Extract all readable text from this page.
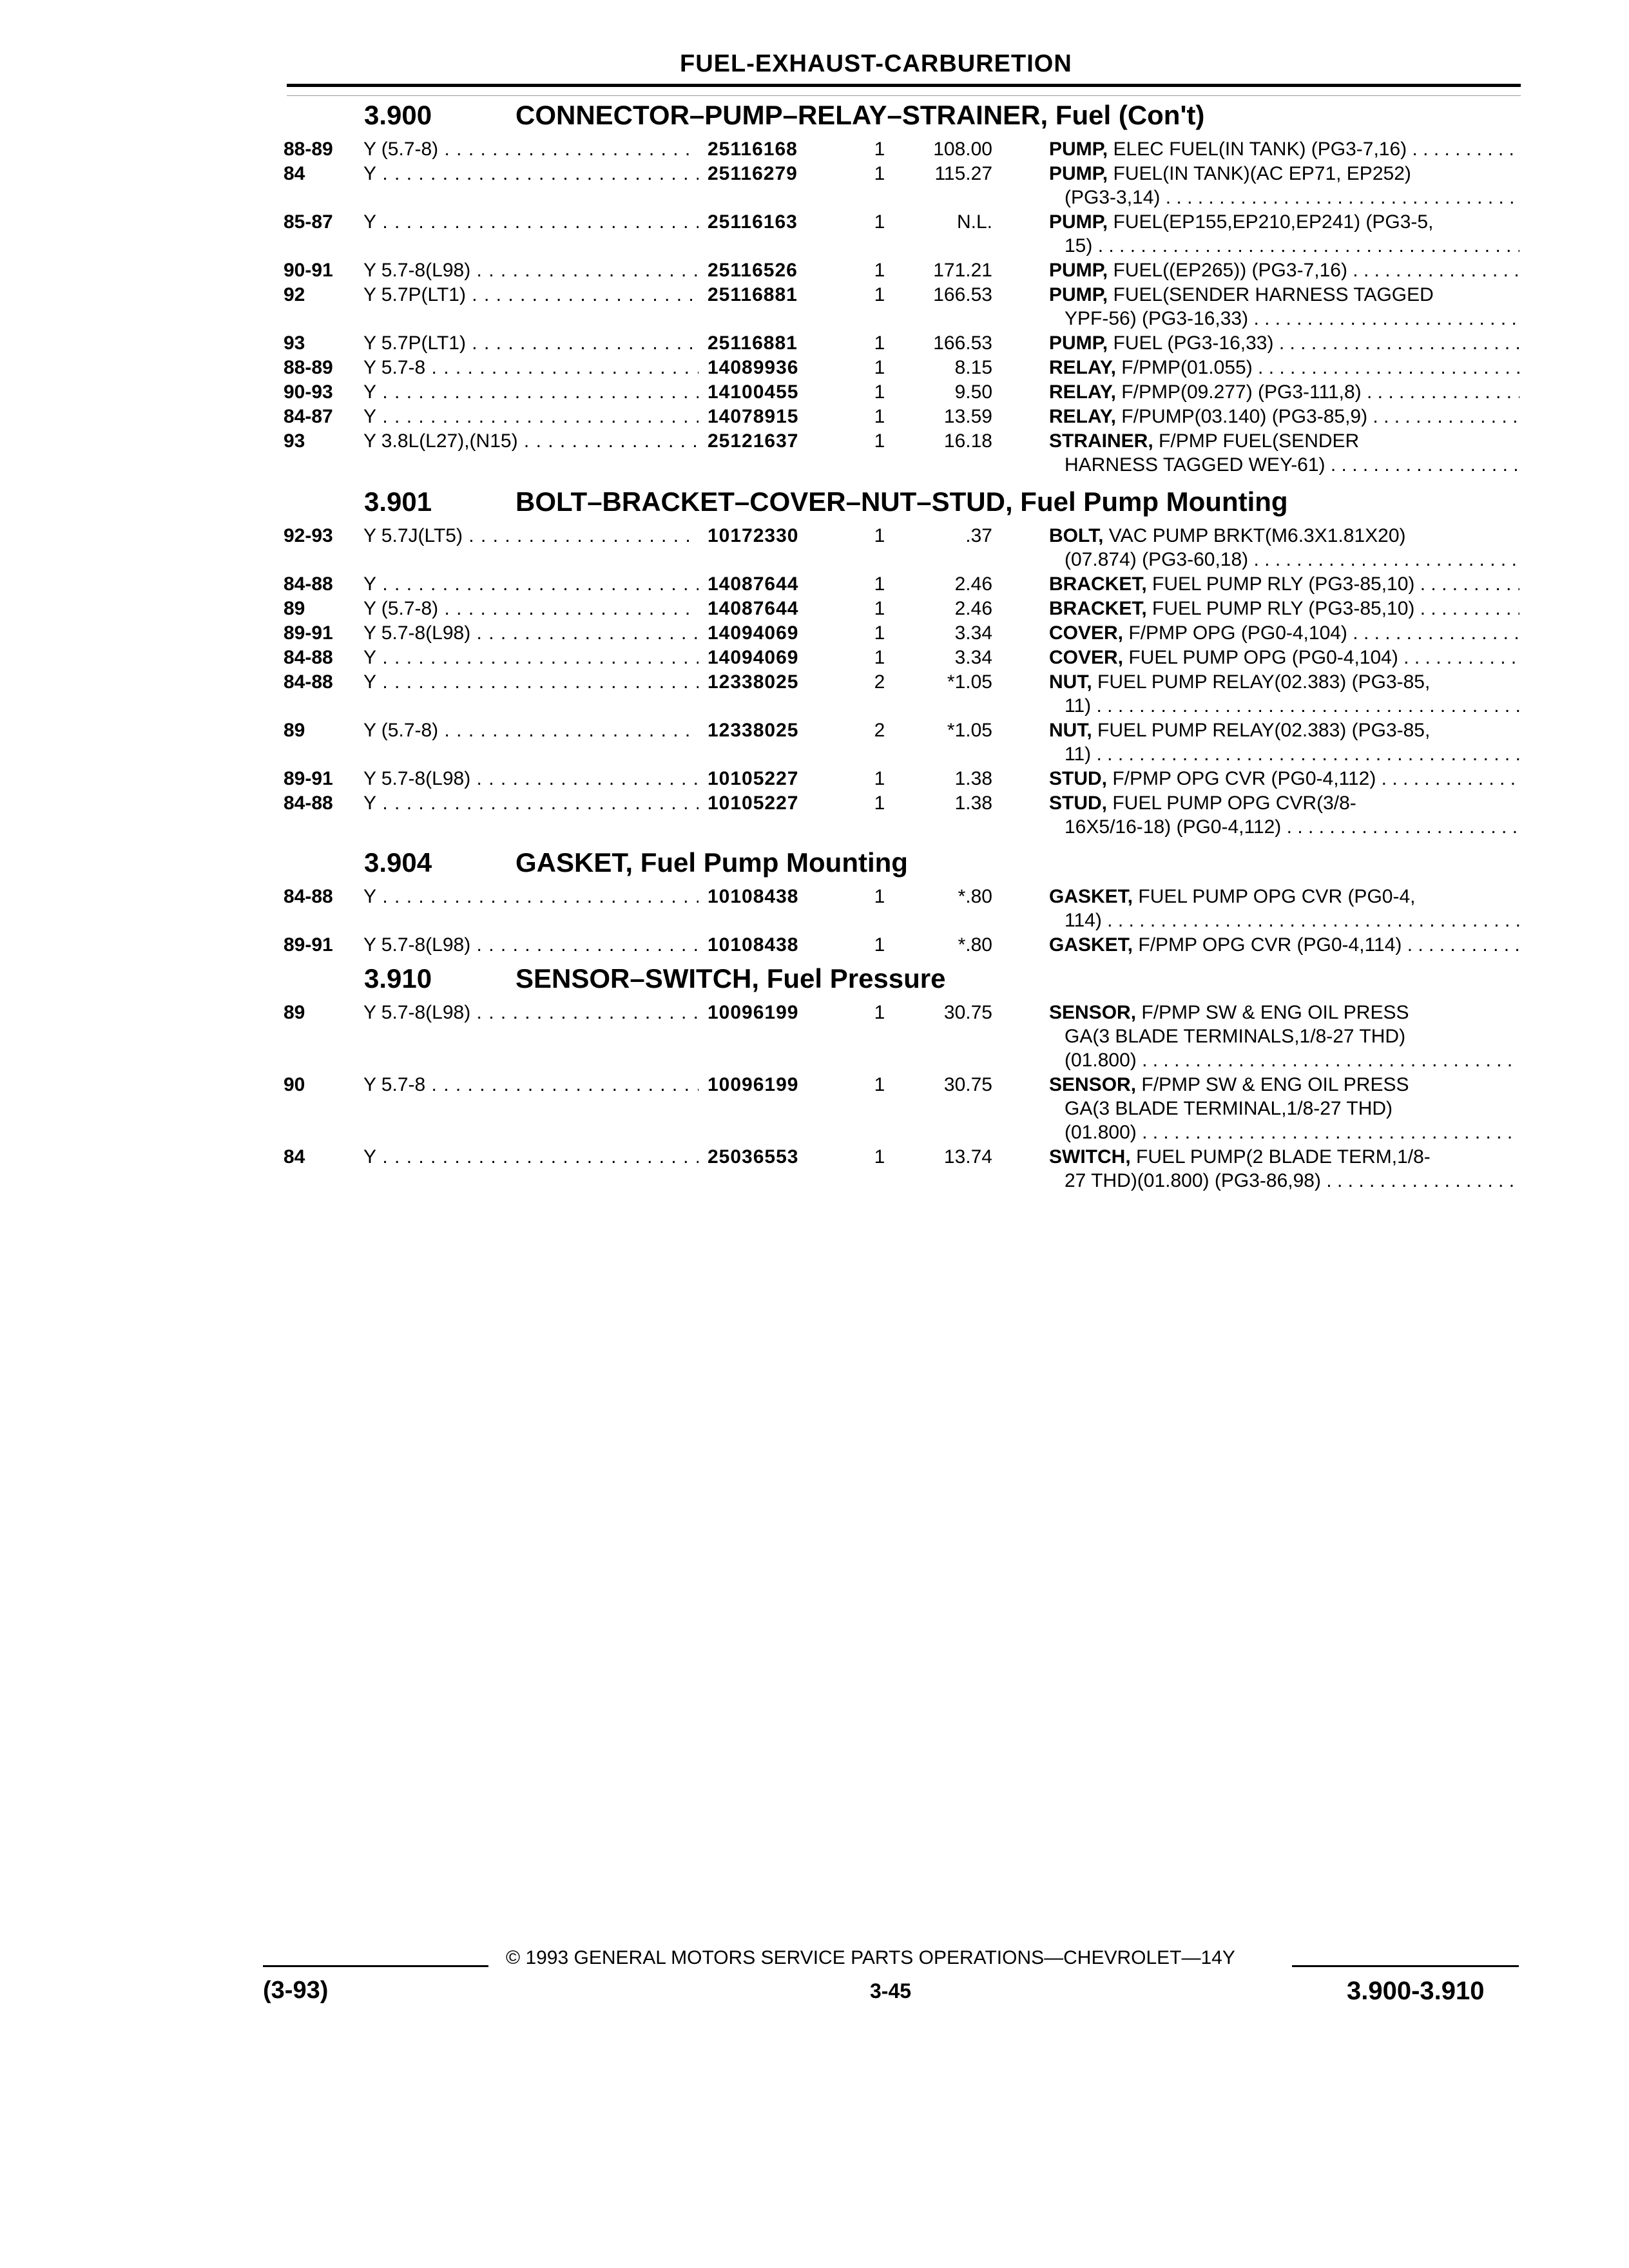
FUEL-EXHAUST-CARBURETION
3.900	CONNECTOR–PUMP–RELAY–STRAINER, Fuel (Con't)
88-89 Y (5.7-8) . . .	25116168	1	108.00	PUMP, ELEC FUEL(IN TANK) (PG3-7,16) . . .
84	Y . . .	25116279	1	115.27	PUMP, FUEL(IN TANK)(AC EP71, EP252)
(PG3-3,14) . . .
85-87 Y . . .	25116163	1	N.L.	PUMP, FUEL(EP155,EP210,EP241) (PG3-5,
15) . . .
90-91 Y 5.7-8(L98) . . .	25116526	1	171.21	PUMP, FUEL((EP265)) (PG3-7,16) . . .
92	Y 5.7P(LT1) . . .	25116881	1	166.53	PUMP, FUEL(SENDER HARNESS TAGGED
YPF-56) (PG3-16,33) . . .
93	Y 5.7P(LT1) . . .	25116881	1	166.53	PUMP, FUEL (PG3-16,33) . . .
88-89 Y 5.7-8 . . .	14089936	1	8.15	RELAY, F/PMP(01.055) . . .
90-93 Y . . .	14100455	1	9.50	RELAY, F/PMP(09.277) (PG3-111,8) . . .
84-87 Y . . .	14078915	1	13.59	RELAY, F/PUMP(03.140) (PG3-85,9) . . .
93	Y 3.8L(L27),(N15) . . .	25121637	1	16.18	STRAINER, F/PMP FUEL(SENDER
HARNESS TAGGED WEY-61) . . .
3.901	BOLT–BRACKET–COVER–NUT–STUD, Fuel Pump Mounting
92-93 Y 5.7J(LT5) . . .	10172330	1	.37	BOLT, VAC PUMP BRKT(M6.3X1.81X20)
(07.874) (PG3-60,18) . . .
84-88 Y . . .	14087644	1	2.46	BRACKET, FUEL PUMP RLY (PG3-85,10) . . .
89	Y (5.7-8) . . .	14087644	1	2.46	BRACKET, FUEL PUMP RLY (PG3-85,10) . . .
89-91 Y 5.7-8(L98) . . .	14094069	1	3.34	COVER, F/PMP OPG (PG0-4,104) . . .
84-88 Y . . .	14094069	1	3.34	COVER, FUEL PUMP OPG (PG0-4,104) . . .
84-88 Y . . .	12338025	2	*1.05	NUT, FUEL PUMP RELAY(02.383) (PG3-85,
11) . . .
89	Y (5.7-8) . . .	12338025	2	*1.05	NUT, FUEL PUMP RELAY(02.383) (PG3-85,
11) . . .
89-91 Y 5.7-8(L98) . . .	10105227	1	1.38	STUD, F/PMP OPG CVR (PG0-4,112) . . .
84-88 Y . . .	10105227	1	1.38	STUD, FUEL PUMP OPG CVR(3/8-
16X5/16-18) (PG0-4,112) . . .
3.904	GASKET, Fuel Pump Mounting
84-88 Y . . .	10108438	1	*.80	GASKET, FUEL PUMP OPG CVR (PG0-4,
114) . . .
89-91 Y 5.7-8(L98) . . .	10108438	1	*.80	GASKET, F/PMP OPG CVR (PG0-4,114) . . .
3.910	SENSOR–SWITCH, Fuel Pressure
89	Y 5.7-8(L98) . . .	10096199	1	30.75	SENSOR, F/PMP SW & ENG OIL PRESS
GA(3 BLADE TERMINALS,1/8-27 THD)
(01.800) . . .
90	Y 5.7-8 . . .	10096199	1	30.75	SENSOR, F/PMP SW & ENG OIL PRESS
GA(3 BLADE TERMINAL,1/8-27 THD)
(01.800) . . .
84	Y . . .	25036553	1	13.74	SWITCH, FUEL PUMP(2 BLADE TERM,1/8-
27 THD)(01.800) (PG3-86,98) . . .
© 1993 GENERAL MOTORS SERVICE PARTS OPERATIONS—CHEVROLET—14Y
(3-93)	3-45	3.900-3.910
